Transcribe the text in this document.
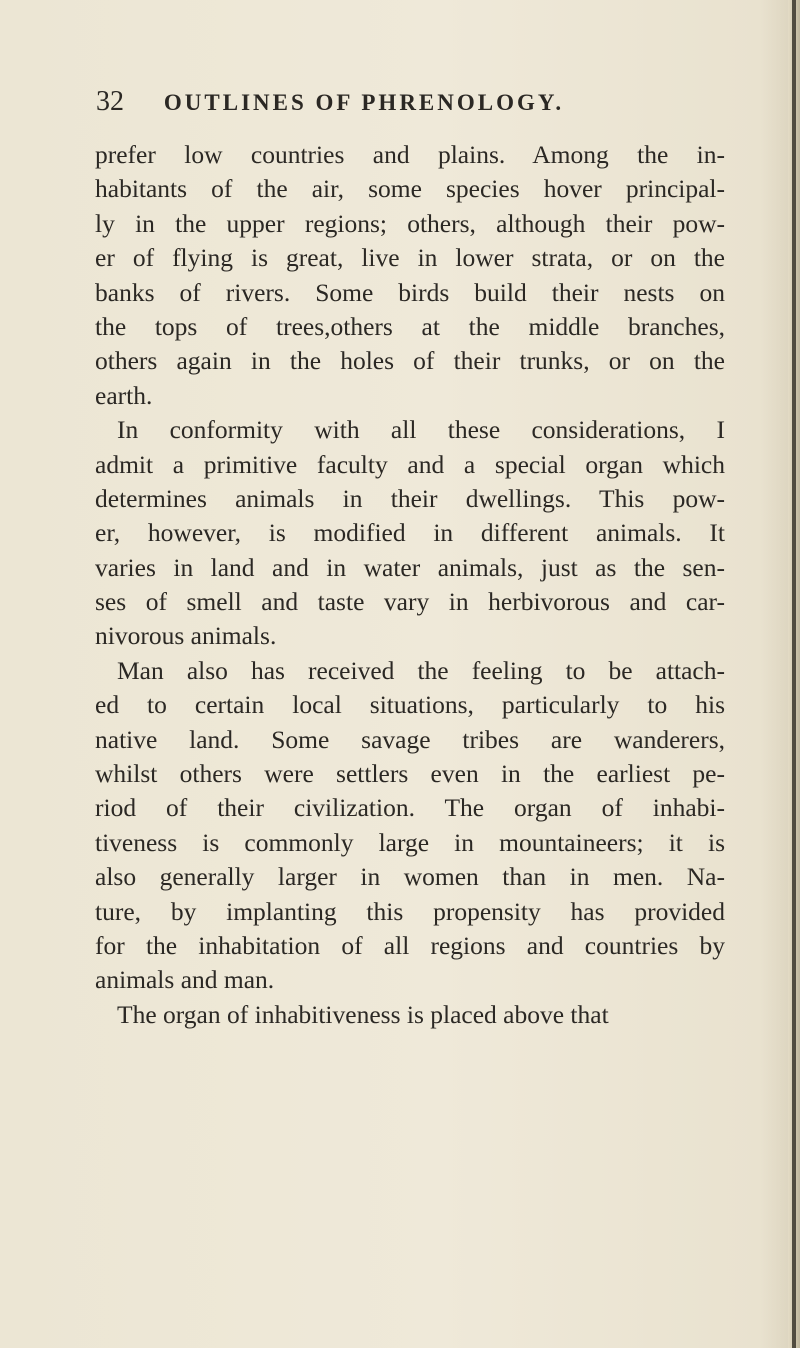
32 OUTLINES OF PHRENOLOGY.
prefer low countries and plains. Among the in-
habitants of the air, some species hover principal-
ly in the upper regions; others, although their pow-
er of flying is great, live in lower strata, or on the
banks of rivers. Some birds build their nests on
the tops of trees,others at the middle branches,
others again in the holes of their trunks, or on the
earth.
In conformity with all these considerations, I
admit a primitive faculty and a special organ which
determines animals in their dwellings. This pow-
er, however, is modified in different animals. It
varies in land and in water animals, just as the sen-
ses of smell and taste vary in herbivorous and car-
nivorous animals.
Man also has received the feeling to be attach-
ed to certain local situations, particularly to his
native land. Some savage tribes are wanderers,
whilst others were settlers even in the earliest pe-
riod of their civilization. The organ of inhabi-
tiveness is commonly large in mountaineers; it is
also generally larger in women than in men. Na-
ture, by implanting this propensity has provided
for the inhabitation of all regions and countries by
animals and man.
The organ of inhabitiveness is placed above that
